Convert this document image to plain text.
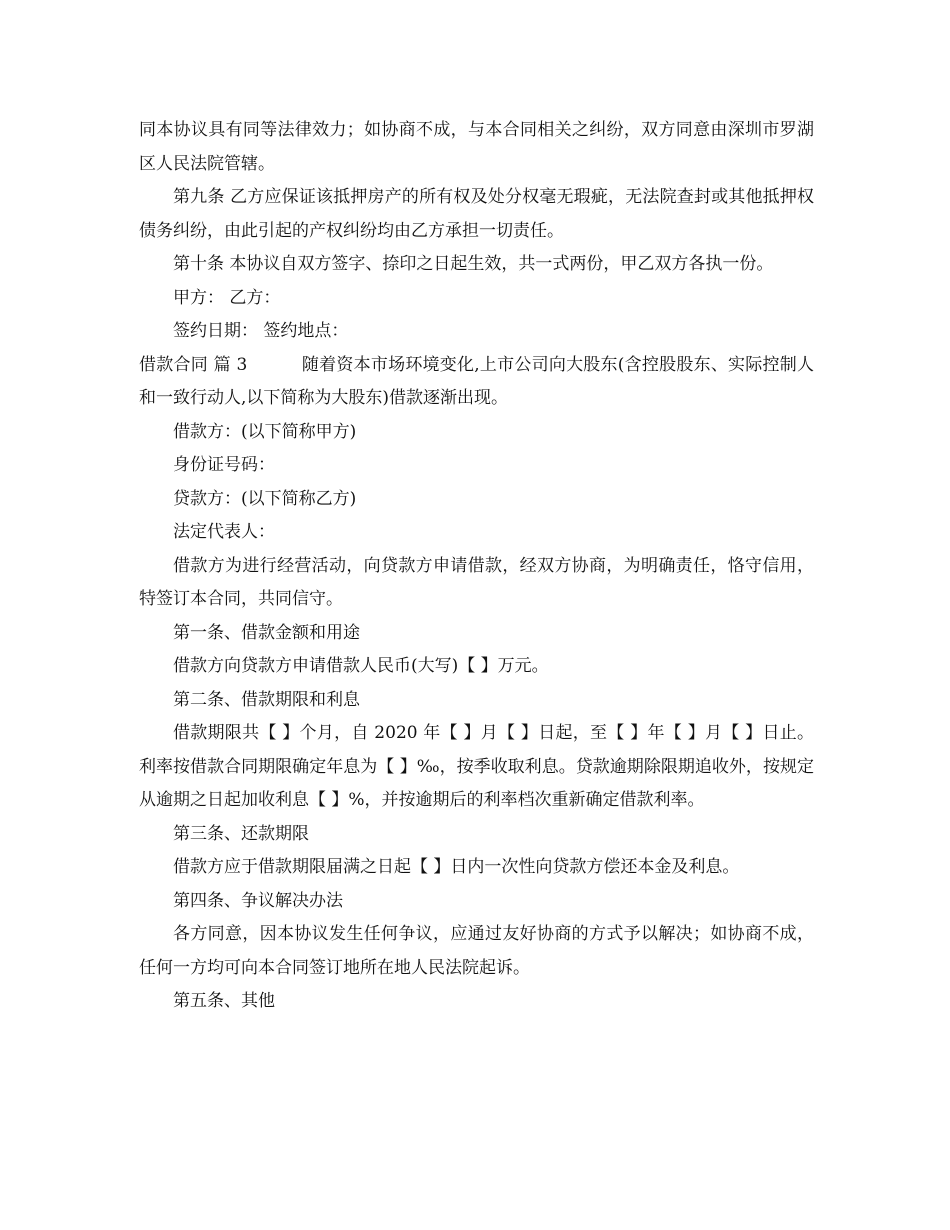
同本协议具有同等法律效力；如协商不成，与本合同相关之纠纷，双方同意由深圳市罗湖区人民法院管辖。

第九条 乙方应保证该抵押房产的所有权及处分权毫无瑕疵，无法院查封或其他抵押权债务纠纷，由此引起的产权纠纷均由乙方承担一切责任。

第十条 本协议自双方签字、捺印之日起生效，共一式两份，甲乙双方各执一份。

甲方： 乙方：

签约日期： 签约地点：

借款合同 篇 3	随着资本市场环境变化,上市公司向大股东(含控股股东、实际控制人和一致行动人,以下简称为大股东)借款逐渐出现。

借款方：(以下简称甲方)

身份证号码：

贷款方：(以下简称乙方)

法定代表人：

借款方为进行经营活动，向贷款方申请借款，经双方协商，为明确责任，恪守信用，特签订本合同，共同信守。

第一条、借款金额和用途

借款方向贷款方申请借款人民币(大写)【 】万元。

第二条、借款期限和利息

借款期限共【 】个月，自 2020 年【 】月【 】日起，至【 】年【 】月【 】日止。利率按借款合同期限确定年息为【 】‰，按季收取利息。贷款逾期除限期追收外，按规定从逾期之日起加收利息【 】%，并按逾期后的利率档次重新确定借款利率。

第三条、还款期限

借款方应于借款期限届满之日起【 】日内一次性向贷款方偿还本金及利息。

第四条、争议解决办法

各方同意，因本协议发生任何争议，应通过友好协商的方式予以解决；如协商不成，任何一方均可向本合同签订地所在地人民法院起诉。

第五条、其他
